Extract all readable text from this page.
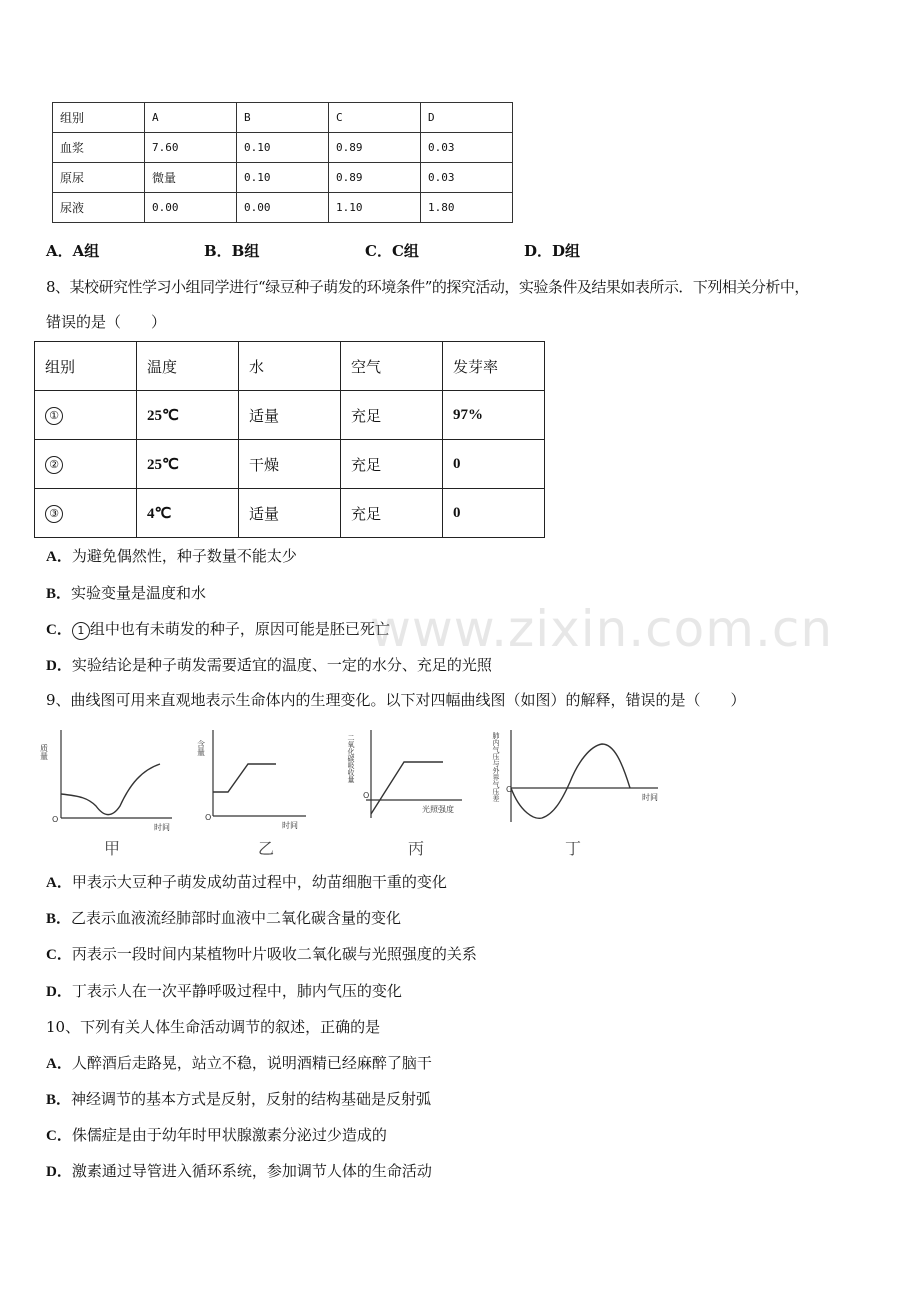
组别	A	B	C	D
血浆	7.60	0.10	0.89	0.03
原尿	微量	0.10	0.89	0.03
尿液	0.00	0.00	1.10	1.80
A．A组	B．B组	C．C组	D．D组
8、某校研究性学习小组同学进行“绿豆种子萌发的环境条件”的探究活动，实验条件及结果如表所示．下列相关分析中，
错误的是（　　）
组别	温度	水	空气	发芽率
①	25℃	适量	充足	97%
②	25℃	干燥	充足	0
③	4℃	适量	充足	0
A．为避免偶然性，种子数量不能太少
B．实验变量是温度和水
C． 1 组中也有未萌发的种子，原因可能是胚已死亡
D．实验结论是种子萌发需要适宜的温度、一定的水分、充足的光照
www.zixin.com.cn
9、曲线图可用来直观地表示生命体内的生理变化。以下对四幅曲线图（如图）的解释，错误的是（　　）
质量
O
时间
甲
含量
O
时间
乙
二氧化碳吸收量
O
光照强度
丙
肺内气压与外界气压差 O
时间
丁
A．甲表示大豆种子萌发成幼苗过程中，幼苗细胞干重的变化
B．乙表示血液流经肺部时血液中二氧化碳含量的变化
C．丙表示一段时间内某植物叶片吸收二氧化碳与光照强度的关系
D．丁表示人在一次平静呼吸过程中，肺内气压的变化
10、下列有关人体生命活动调节的叙述，正确的是
A．人醉酒后走路晃，站立不稳，说明酒精已经麻醉了脑干
B．神经调节的基本方式是反射，反射的结构基础是反射弧
C．侏儒症是由于幼年时甲状腺激素分泌过少造成的
D．激素通过导管进入循环系统，参加调节人体的生命活动
